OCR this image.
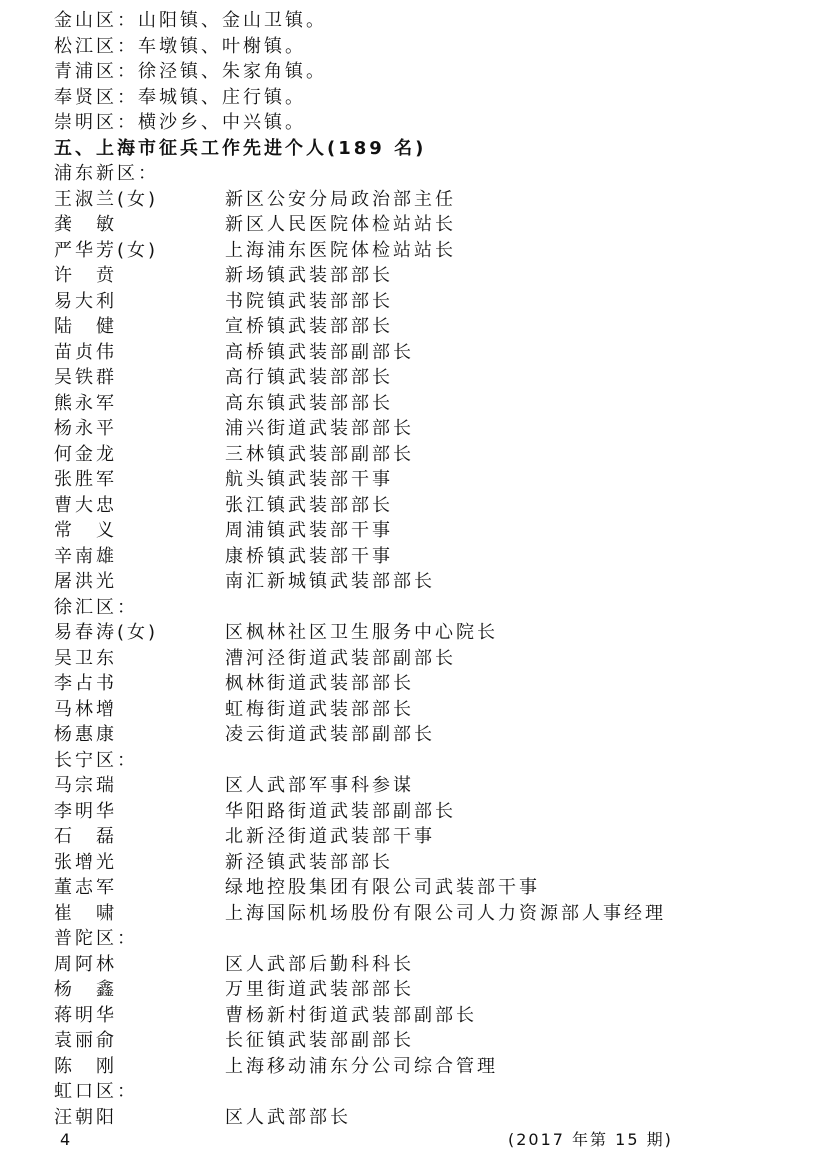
金山区：山阳镇、金山卫镇。
松江区：车墩镇、叶榭镇。
青浦区：徐泾镇、朱家角镇。
奉贤区：奉城镇、庄行镇。
崇明区：横沙乡、中兴镇。
五、上海市征兵工作先进个人(189 名)
浦东新区：
王淑兰(女)	新区公安分局政治部主任
龚　敏	新区人民医院体检站站长
严华芳(女)	上海浦东医院体检站站长
许　贲	新场镇武装部部长
易大利	书院镇武装部部长
陆　健	宣桥镇武装部部长
苗贞伟	高桥镇武装部副部长
吴铁群	高行镇武装部部长
熊永军	高东镇武装部部长
杨永平	浦兴街道武装部部长
何金龙	三林镇武装部副部长
张胜军	航头镇武装部干事
曹大忠	张江镇武装部部长
常　义	周浦镇武装部干事
辛南雄	康桥镇武装部干事
屠洪光	南汇新城镇武装部部长
徐汇区：
易春涛(女)	区枫林社区卫生服务中心院长
吴卫东	漕河泾街道武装部副部长
李占书	枫林街道武装部部长
马林增	虹梅街道武装部部长
杨惠康	凌云街道武装部副部长
长宁区：
马宗瑞	区人武部军事科参谋
李明华	华阳路街道武装部副部长
石　磊	北新泾街道武装部干事
张增光	新泾镇武装部部长
董志军	绿地控股集团有限公司武装部干事
崔　啸	上海国际机场股份有限公司人力资源部人事经理
普陀区：
周阿林	区人武部后勤科科长
杨　鑫	万里街道武装部部长
蒋明华	曹杨新村街道武装部副部长
袁丽俞	长征镇武装部副部长
陈　刚	上海移动浦东分公司综合管理
虹口区：
汪朝阳	区人武部部长
4	(2017 年第 15 期)
